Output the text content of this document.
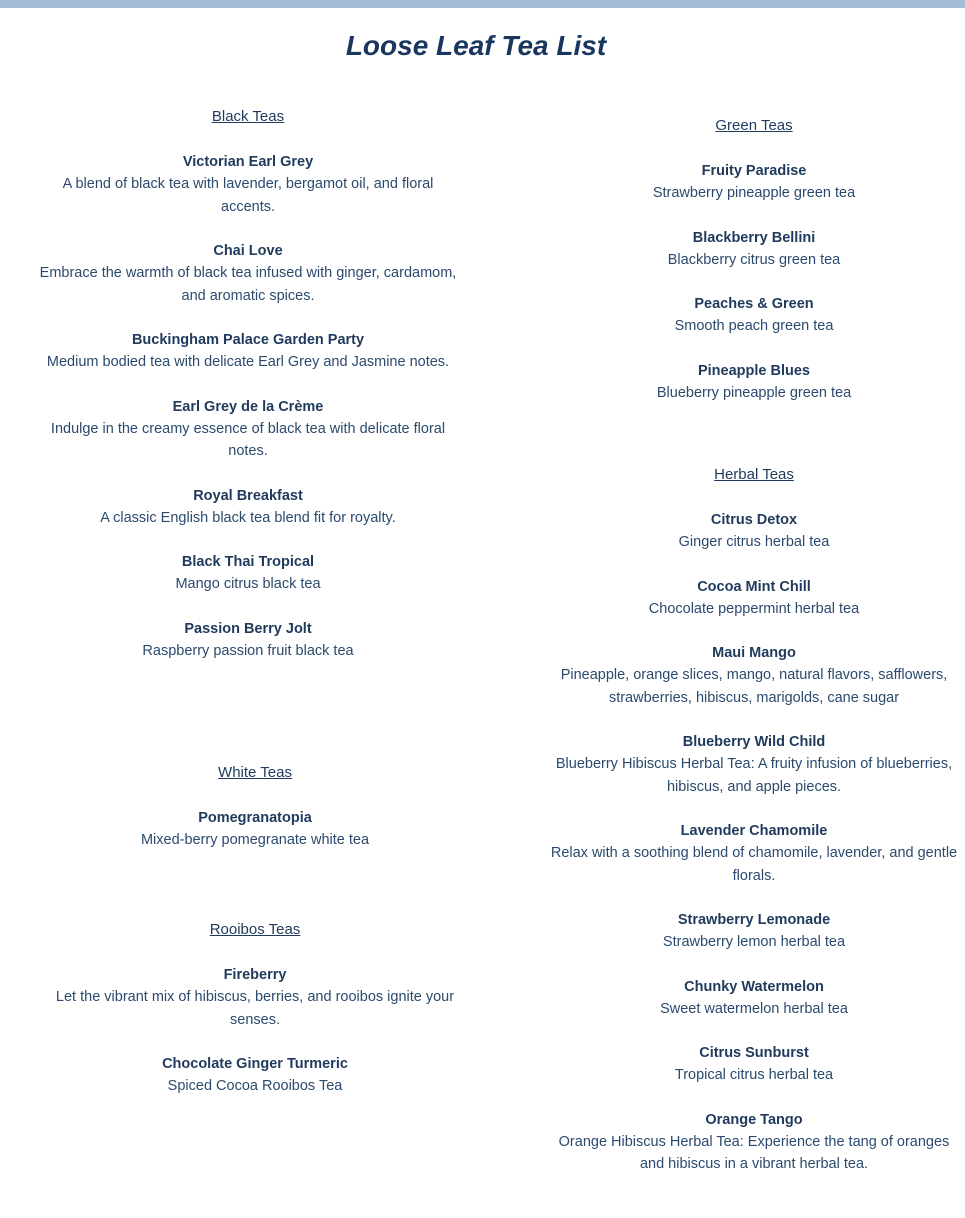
Loose Leaf Tea List
Black Teas
Victorian Earl Grey
A blend of black tea with lavender, bergamot oil, and floral accents.
Chai Love
Embrace the warmth of black tea infused with ginger, cardamom, and aromatic spices.
Buckingham Palace Garden Party
Medium bodied tea with delicate Earl Grey and Jasmine notes.
Earl Grey de la Crème
Indulge in the creamy essence of black tea with delicate floral notes.
Royal Breakfast
A classic English black tea blend fit for royalty.
Black Thai Tropical
Mango citrus black tea
Passion Berry Jolt
Raspberry passion fruit black tea
White Teas
Pomegranatopia
Mixed-berry pomegranate white tea
Rooibos Teas
Fireberry
Let the vibrant mix of hibiscus, berries, and rooibos ignite your senses.
Chocolate Ginger Turmeric
Spiced Cocoa Rooibos Tea
Green Teas
Fruity Paradise
Strawberry pineapple green tea
Blackberry Bellini
Blackberry citrus green tea
Peaches & Green
Smooth peach green tea
Pineapple Blues
Blueberry pineapple green tea
Herbal Teas
Citrus Detox
Ginger citrus herbal tea
Cocoa Mint Chill
Chocolate peppermint herbal tea
Maui Mango
Pineapple, orange slices, mango, natural flavors, safflowers, strawberries, hibiscus, marigolds, cane sugar
Blueberry Wild Child
Blueberry Hibiscus Herbal Tea: A fruity infusion of blueberries, hibiscus, and apple pieces.
Lavender Chamomile
Relax with a soothing blend of chamomile, lavender, and gentle florals.
Strawberry Lemonade
Strawberry lemon herbal tea
Chunky Watermelon
Sweet watermelon herbal tea
Citrus Sunburst
Tropical citrus herbal tea
Orange Tango
Orange Hibiscus Herbal Tea: Experience the tang of oranges and hibiscus in a vibrant herbal tea.
